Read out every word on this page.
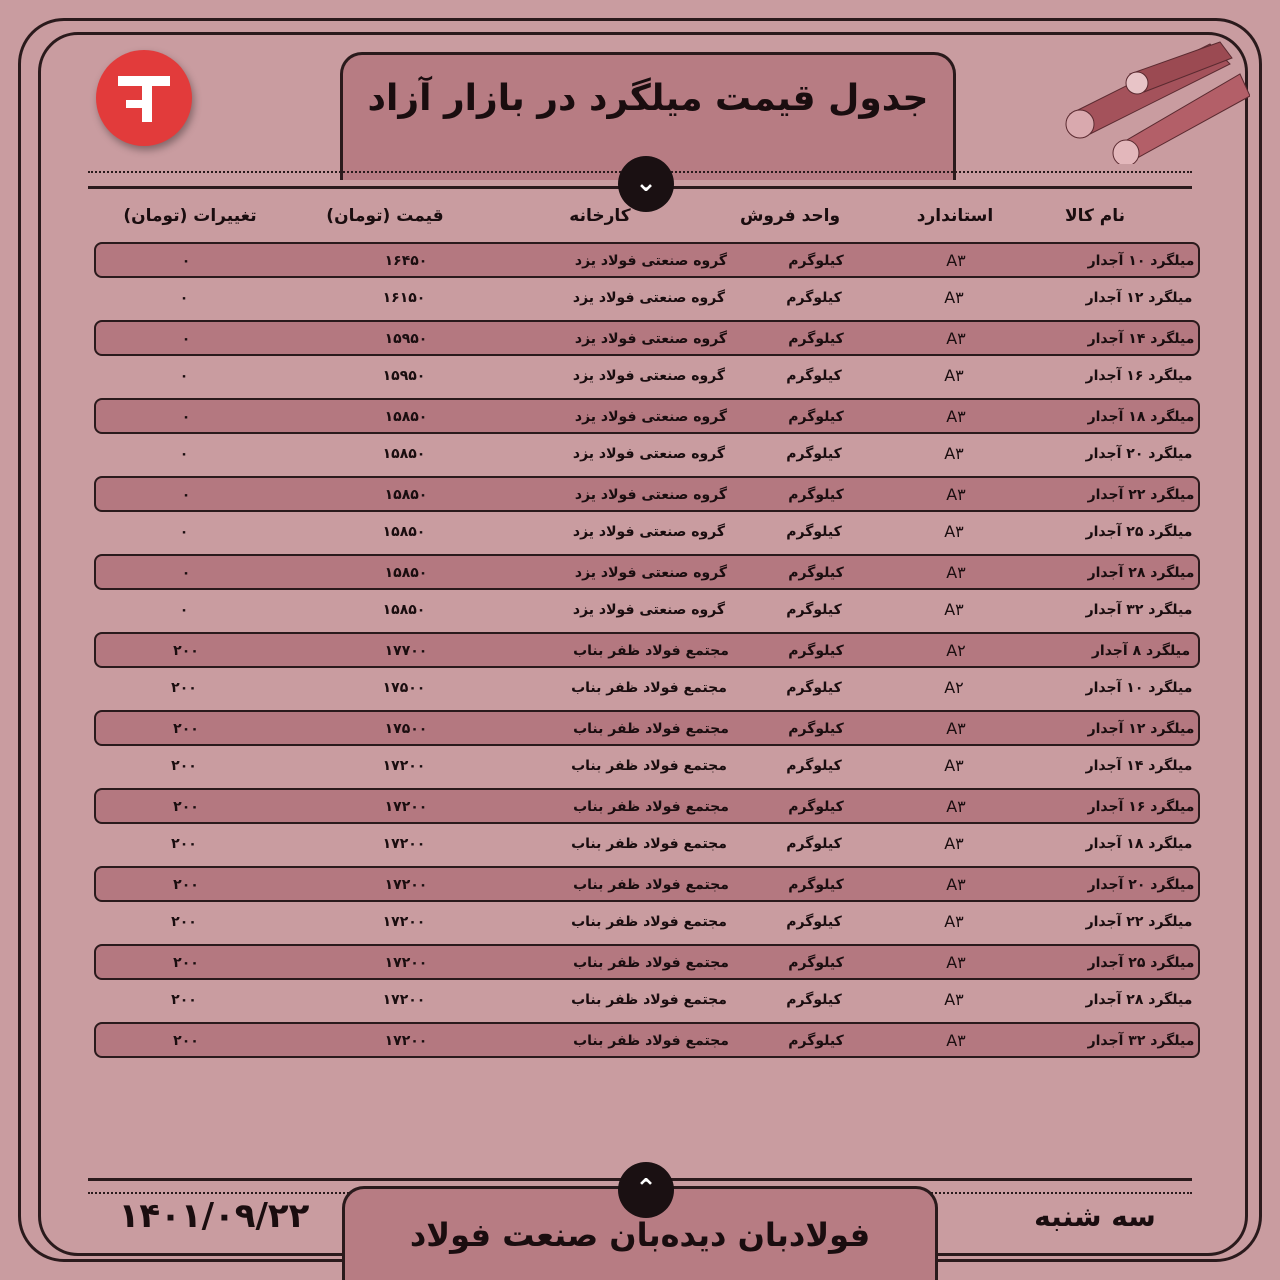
جدول قیمت میلگرد در بازار آزاد
⌄
نام کالا
استاندارد
واحد فروش
کارخانه
قیمت (تومان)
تغییرات (تومان)
میلگرد ۱۰ آجدار
A۳
کیلوگرم
گروه صنعتی فولاد یزد
۱۶۴۵۰
۰
میلگرد ۱۲ آجدار
A۳
کیلوگرم
گروه صنعتی فولاد یزد
۱۶۱۵۰
۰
میلگرد ۱۴ آجدار
A۳
کیلوگرم
گروه صنعتی فولاد یزد
۱۵۹۵۰
۰
میلگرد ۱۶ آجدار
A۳
کیلوگرم
گروه صنعتی فولاد یزد
۱۵۹۵۰
۰
میلگرد ۱۸ آجدار
A۳
کیلوگرم
گروه صنعتی فولاد یزد
۱۵۸۵۰
۰
میلگرد ۲۰ آجدار
A۳
کیلوگرم
گروه صنعتی فولاد یزد
۱۵۸۵۰
۰
میلگرد ۲۲ آجدار
A۳
کیلوگرم
گروه صنعتی فولاد یزد
۱۵۸۵۰
۰
میلگرد ۲۵ آجدار
A۳
کیلوگرم
گروه صنعتی فولاد یزد
۱۵۸۵۰
۰
میلگرد ۲۸ آجدار
A۳
کیلوگرم
گروه صنعتی فولاد یزد
۱۵۸۵۰
۰
میلگرد ۳۲ آجدار
A۳
کیلوگرم
گروه صنعتی فولاد یزد
۱۵۸۵۰
۰
میلگرد ۸ آجدار
A۲
کیلوگرم
مجتمع فولاد ظفر بناب
۱۷۷۰۰
۲۰۰
میلگرد ۱۰ آجدار
A۲
کیلوگرم
مجتمع فولاد ظفر بناب
۱۷۵۰۰
۲۰۰
میلگرد ۱۲ آجدار
A۳
کیلوگرم
مجتمع فولاد ظفر بناب
۱۷۵۰۰
۲۰۰
میلگرد ۱۴ آجدار
A۳
کیلوگرم
مجتمع فولاد ظفر بناب
۱۷۲۰۰
۲۰۰
میلگرد ۱۶ آجدار
A۳
کیلوگرم
مجتمع فولاد ظفر بناب
۱۷۲۰۰
۲۰۰
میلگرد ۱۸ آجدار
A۳
کیلوگرم
مجتمع فولاد ظفر بناب
۱۷۲۰۰
۲۰۰
میلگرد ۲۰ آجدار
A۳
کیلوگرم
مجتمع فولاد ظفر بناب
۱۷۲۰۰
۲۰۰
میلگرد ۲۲ آجدار
A۳
کیلوگرم
مجتمع فولاد ظفر بناب
۱۷۲۰۰
۲۰۰
میلگرد ۲۵ آجدار
A۳
کیلوگرم
مجتمع فولاد ظفر بناب
۱۷۲۰۰
۲۰۰
میلگرد ۲۸ آجدار
A۳
کیلوگرم
مجتمع فولاد ظفر بناب
۱۷۲۰۰
۲۰۰
میلگرد ۳۲ آجدار
A۳
کیلوگرم
مجتمع فولاد ظفر بناب
۱۷۲۰۰
۲۰۰
⌃
فولادبان دیده‌بان صنعت فولاد	سه شنبه
۱۴۰۱/۰۹/۲۲
